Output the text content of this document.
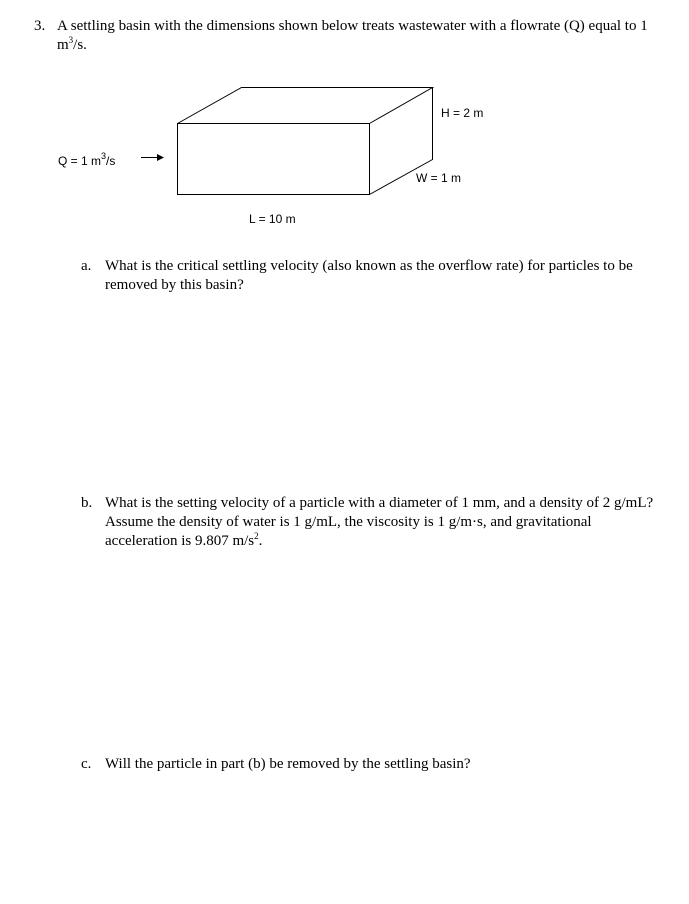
3. A settling basin with the dimensions shown below treats wastewater with a flowrate (Q) equal to 1 $m^3/s$.
Q = 1 $m^3/s$
H = 2 m
W = 1 m
L = 10 m
a. What is the critical settling velocity (also known as the overflow rate) for particles to be removed by this basin?
b. What is the setting velocity of a particle with a diameter of 1 mm, and a density of 2 g/mL? Assume the density of water is 1 g/mL, the viscosity is 1 g/m·s, and gravitational acceleration is 9.807 $m/s^2$.
c. Will the particle in part (b) be removed by the settling basin?
